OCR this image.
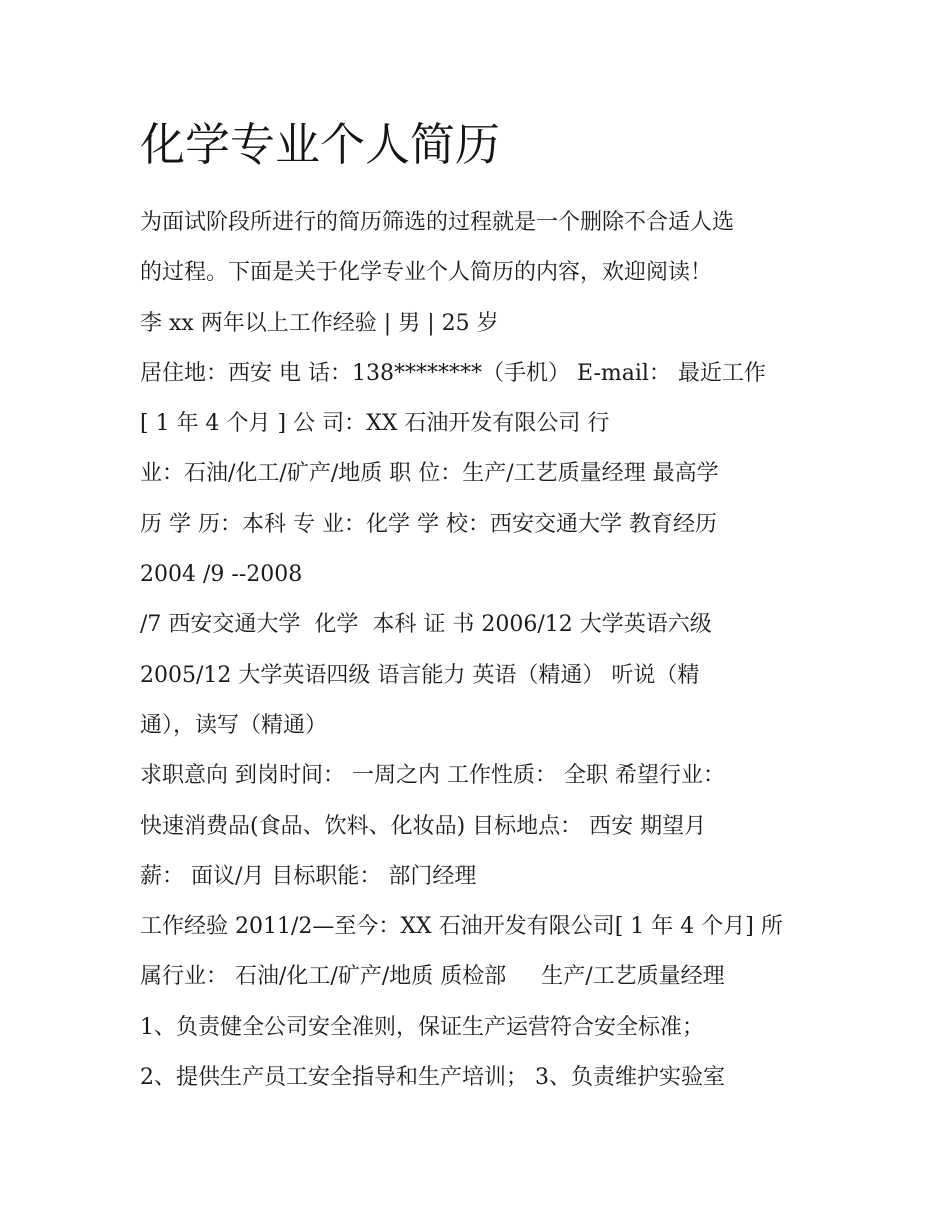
化学专业个人简历
为面试阶段所进行的简历筛选的过程就是一个删除不合适人选
的过程。下面是关于化学专业个人简历的内容，欢迎阅读！
李 xx 两年以上工作经验 | 男 | 25 岁
居住地：西安 电 话：138********（手机） E-mail： 最近工作
[ 1 年 4 个月 ] 公 司：XX 石油开发有限公司 行
业：石油/化工/矿产/地质 职 位：生产/工艺质量经理 最高学
历 学 历：本科 专 业：化学 学 校：西安交通大学 教育经历
2004 /9 --2008
/7 西安交通大学  化学  本科 证 书 2006/12 大学英语六级
2005/12 大学英语四级 语言能力 英语（精通） 听说（精
通），读写（精通）
求职意向 到岗时间： 一周之内 工作性质： 全职 希望行业：
快速消费品(食品、饮料、化妆品) 目标地点： 西安 期望月
薪： 面议/月 目标职能： 部门经理
工作经验 2011/2—至今：XX 石油开发有限公司[ 1 年 4 个月] 所
属行业： 石油/化工/矿产/地质 质检部     生产/工艺质量经理
1、负责健全公司安全准则，保证生产运营符合安全标准；
2、提供生产员工安全指导和生产培训； 3、负责维护实验室
